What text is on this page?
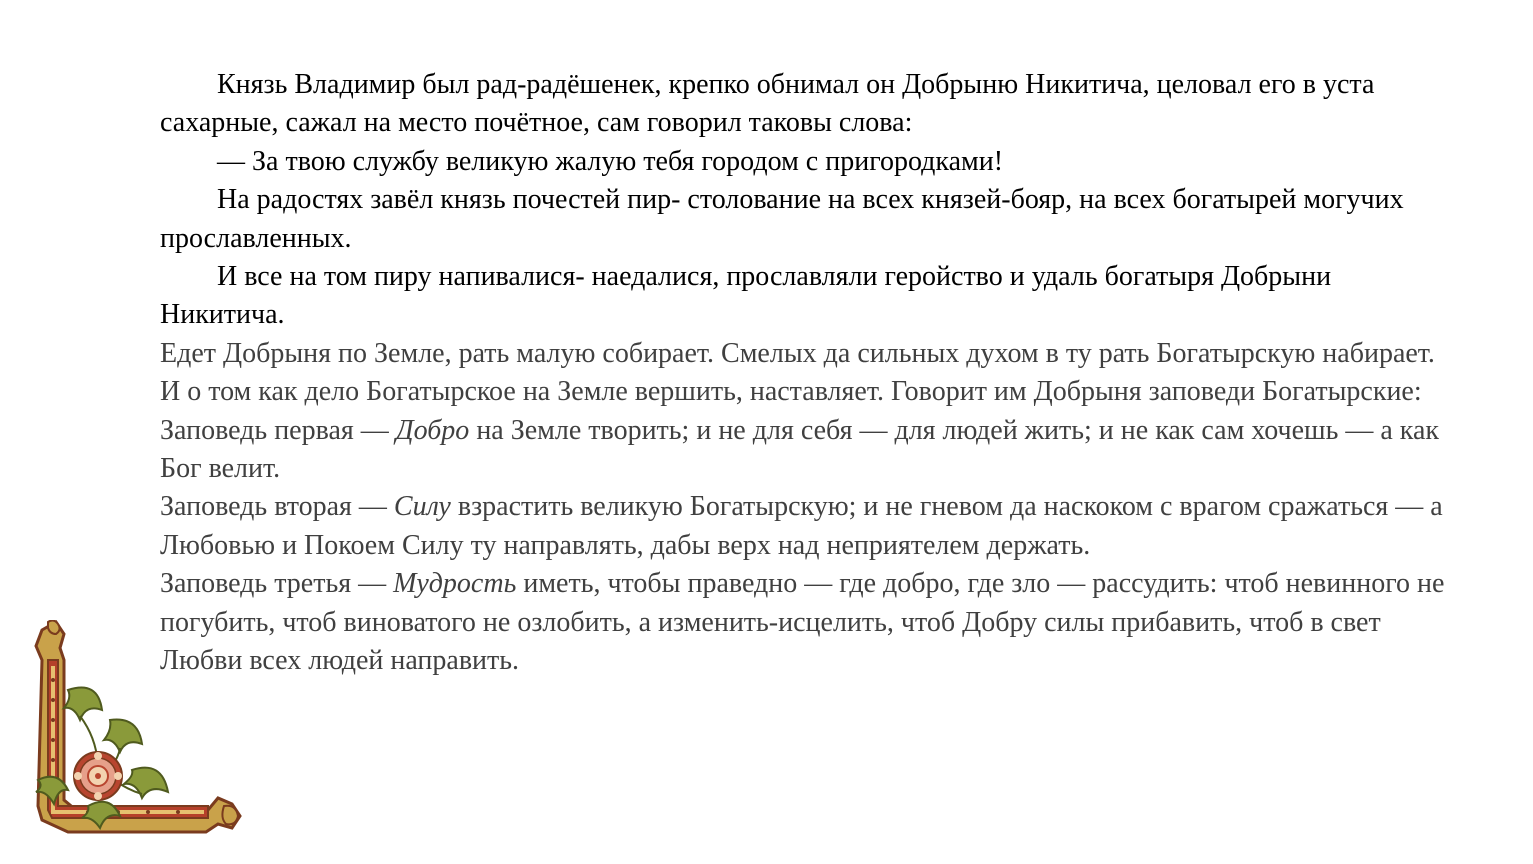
Князь Владимир был рад-радёшенек, крепко обнимал он Добрыню Никитича, целовал его в уста сахарные, сажал на место почётное, сам говорил таковы слова:

— За твою службу великую жалую тебя городом с пригородками!

На радостях завёл князь почестей пир- столование на всех князей-бояр, на всех богатырей могучих прославленных.

И все на том пиру напивалися- наедалися, прославляли геройство и удаль богатыря Добрыни Никитича.

Едет Добрыня по Земле, рать малую собирает. Смелых да сильных духом в ту рать Богатырскую набирает. И о том как дело Богатырское на Земле вершить, наставляет. Говорит им Добрыня заповеди Богатырские:

Заповедь первая — Добро на Земле творить; и не для себя — для людей жить; и не как сам хочешь — а как Бог велит.

Заповедь вторая — Силу взрастить великую Богатырскую; и не гневом да наскоком с врагом сражаться — а Любовью и Покоем Силу ту направлять, дабы верх над неприятелем держать.

Заповедь третья — Мудрость иметь, чтобы праведно — где добро, где зло — рассудить: чтоб невинного не погубить, чтоб виноватого не озлобить, а изменить-исцелить, чтоб Добру силы прибавить, чтоб в свет Любви всех людей направить.
